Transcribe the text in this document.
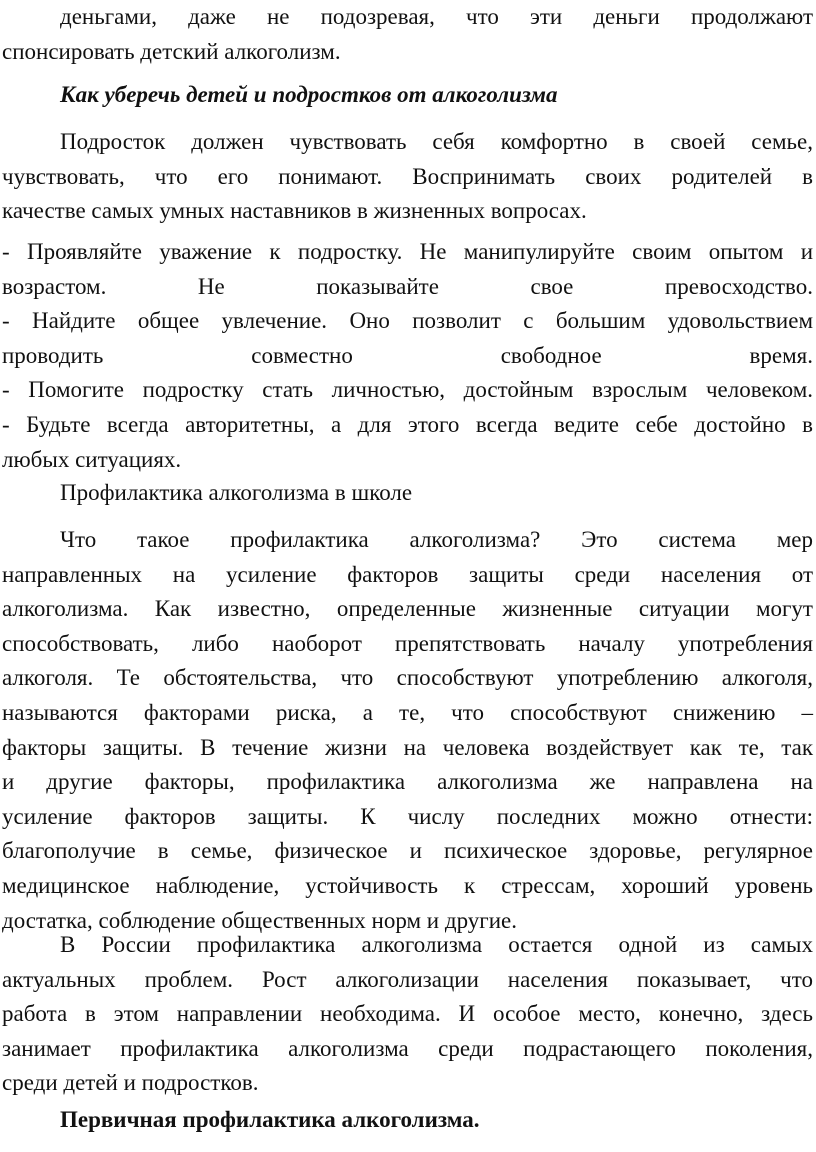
деньгами, даже не подозревая, что эти деньги продолжают
спонсировать детский алкоголизм.
Как уберечь детей и подростков от алкоголизма
Подросток должен чувствовать себя комфортно в своей семье,
чувствовать, что его понимают. Воспринимать своих родителей в
качестве самых умных наставников в жизненных вопросах.
- Проявляйте уважение к подростку. Не манипулируйте своим опытом и
возрастом. Не показывайте свое превосходство.
- Найдите общее увлечение. Оно позволит с большим удовольствием
проводить совместно свободное время.
- Помогите подростку стать личностью, достойным взрослым человеком.
- Будьте всегда авторитетны, а для этого всегда ведите себе достойно в
любых ситуациях.
Профилактика алкоголизма в школе
Что такое профилактика алкоголизма? Это система мер
направленных на усиление факторов защиты среди населения от
алкоголизма. Как известно, определенные жизненные ситуации могут
способствовать, либо наоборот препятствовать началу употребления
алкоголя. Те обстоятельства, что способствуют употреблению алкоголя,
называются факторами риска, а те, что способствуют снижению –
факторы защиты. В течение жизни на человека воздействует как те, так
и другие факторы, профилактика алкоголизма же направлена на
усиление факторов защиты. К числу последних можно отнести:
благополучие в семье, физическое и психическое здоровье, регулярное
медицинское наблюдение, устойчивость к стрессам, хороший уровень
достатка, соблюдение общественных норм и другие.
В России профилактика алкоголизма остается одной из самых
актуальных проблем. Рост алкоголизации населения показывает, что
работа в этом направлении необходима. И особое место, конечно, здесь
занимает профилактика алкоголизма среди подрастающего поколения,
среди детей и подростков.
Первичная профилактика алкоголизма.
